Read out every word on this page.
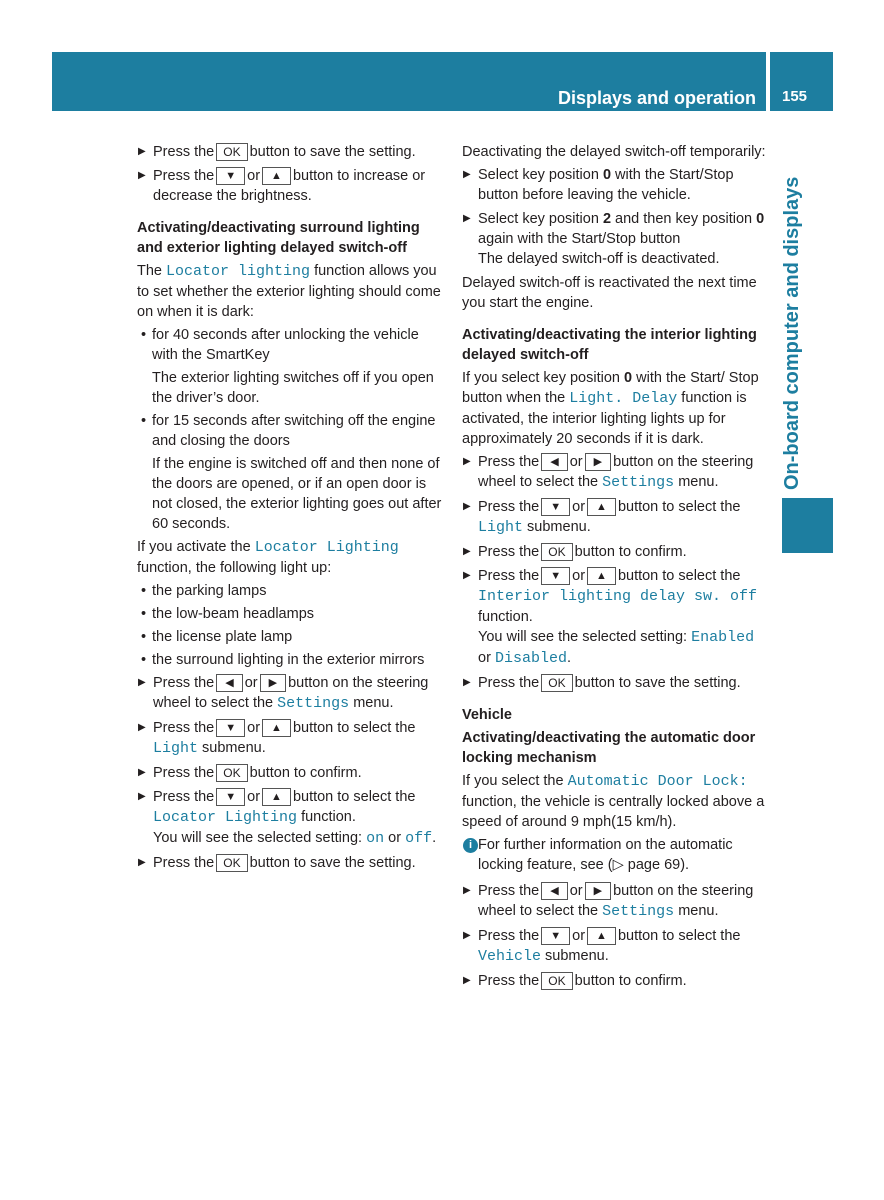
Displays and operation 155
On-board computer and displays
▶ Press the OK button to save the setting.
▶ Press the ▼ or ▲ button to increase or decrease the brightness.
Activating/deactivating surround lighting and exterior lighting delayed switch-off

The Locator lighting function allows you to set whether the exterior lighting should come on when it is dark:

• for 40 seconds after unlocking the vehicle with the SmartKey
The exterior lighting switches off if you open the driver’s door.
• for 15 seconds after switching off the engine and closing the doors
If the engine is switched off and then none of the doors are opened, or if an open door is not closed, the exterior lighting goes out after 60 seconds.

If you activate the Locator Lighting function, the following light up:

• the parking lamps
• the low-beam headlamps
• the license plate lamp
• the surround lighting in the exterior mirrors
▶ Press the ◀ or ▶ button on the steering wheel to select the Settings menu.
▶ Press the ▼ or ▲ button to select the Light submenu.
▶ Press the OK button to confirm.
▶ Press the ▼ or ▲ button to select the Locator Lighting function.
You will see the selected setting: on or off.
▶ Press the OK button to save the setting.

Deactivating the delayed switch-off temporarily:

▶ Select key position 0 with the Start/Stop button before leaving the vehicle.
▶ Select key position 2 and then key position 0 again with the Start/Stop button
The delayed switch-off is deactivated.

Delayed switch-off is reactivated the next time you start the engine.

Activating/deactivating the interior lighting delayed switch-off

If you select key position 0 with the Start/ Stop button when the Light. Delay function is activated, the interior lighting lights up for approximately 20 seconds if it is dark.

▶ Press the ◀ or ▶ button on the steering wheel to select the Settings menu.
▶ Press the ▼ or ▲ button to select the Light submenu.
▶ Press the OK button to confirm.
▶ Press the ▼ or ▲ button to select the Interior lighting delay sw. off function.
You will see the selected setting: Enabled or Disabled.
▶ Press the OK button to save the setting.
Vehicle
Activating/deactivating the automatic door locking mechanism

If you select the Automatic Door Lock: function, the vehicle is centrally locked above a speed of around 9 mph(15 km/h).

i For further information on the automatic locking feature, see (▷ page 69).
▶ Press the ◀ or ▶ button on the steering wheel to select the Settings menu.
▶ Press the ▼ or ▲ button to select the Vehicle submenu.
▶ Press the OK button to confirm.
